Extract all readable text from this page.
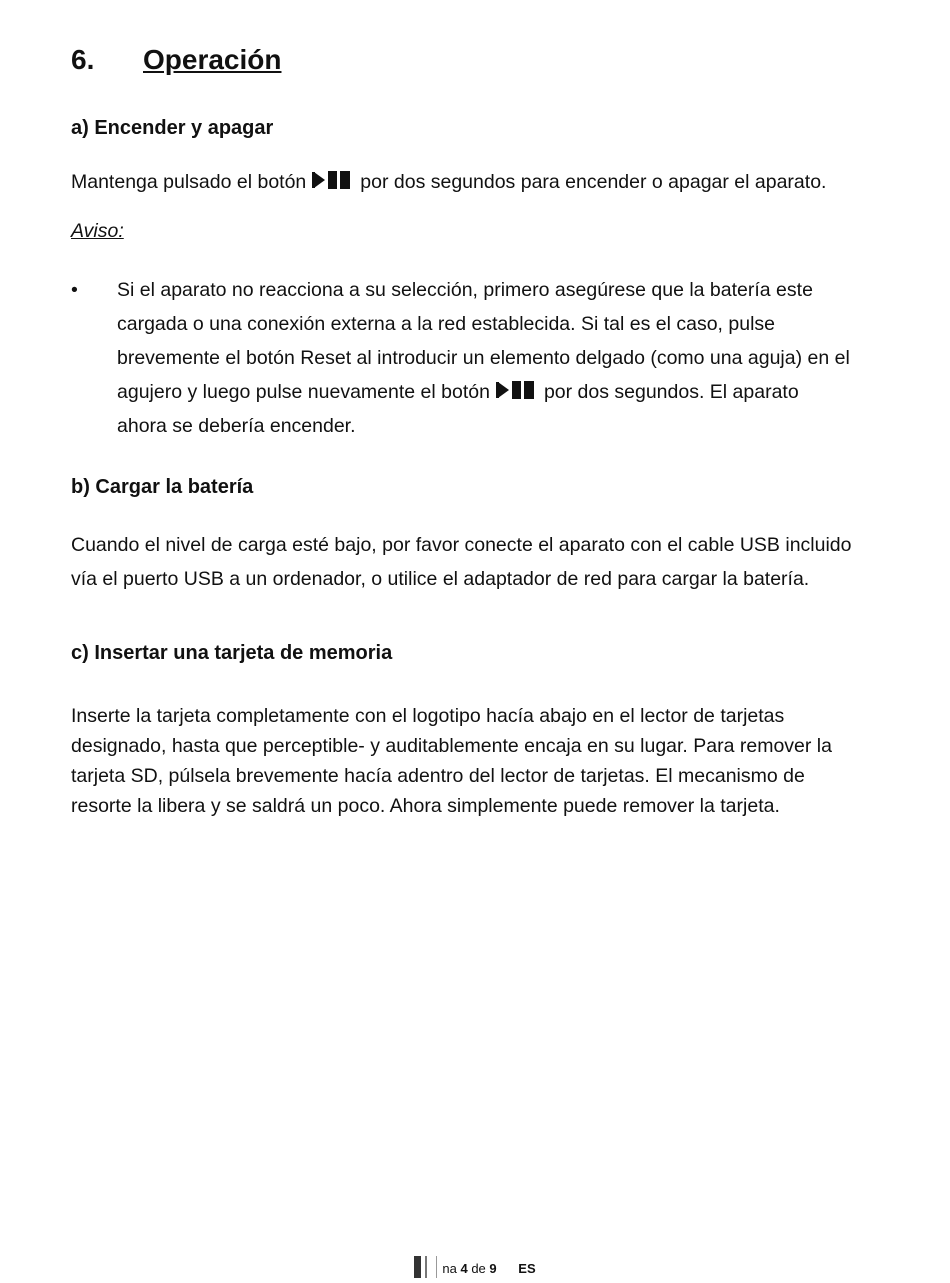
6. Operación
a) Encender y apagar
Mantenga pulsado el botón	por dos segundos para encender o apagar el aparato.
Aviso:
• Si el aparato no reacciona a su selección, primero asegúrese que la batería este
cargada o una conexión externa a la red establecida. Si tal es el caso, pulse
brevemente el botón Reset al introducir un elemento delgado (como una aguja) en el
agujero y luego pulse nuevamente el botón	por dos segundos. El aparato
ahora se debería encender.
b) Cargar la batería
Cuando el nivel de carga esté bajo, por favor conecte el aparato con el cable USB incluido
vía el puerto USB a un ordenador, o utilice el adaptador de red para cargar la batería.
c) Insertar una tarjeta de memoria
Inserte la tarjeta completamente con el logotipo hacía abajo en el lector de tarjetas
designado, hasta que perceptible- y auditablemente encaja en su lugar. Para remover la
tarjeta SD, púlsela brevemente hacía adentro del lector de tarjetas. El mecanismo de
resorte la libera y se saldrá un poco. Ahora simplemente puede remover la tarjeta.
na 4 de 9 ES
